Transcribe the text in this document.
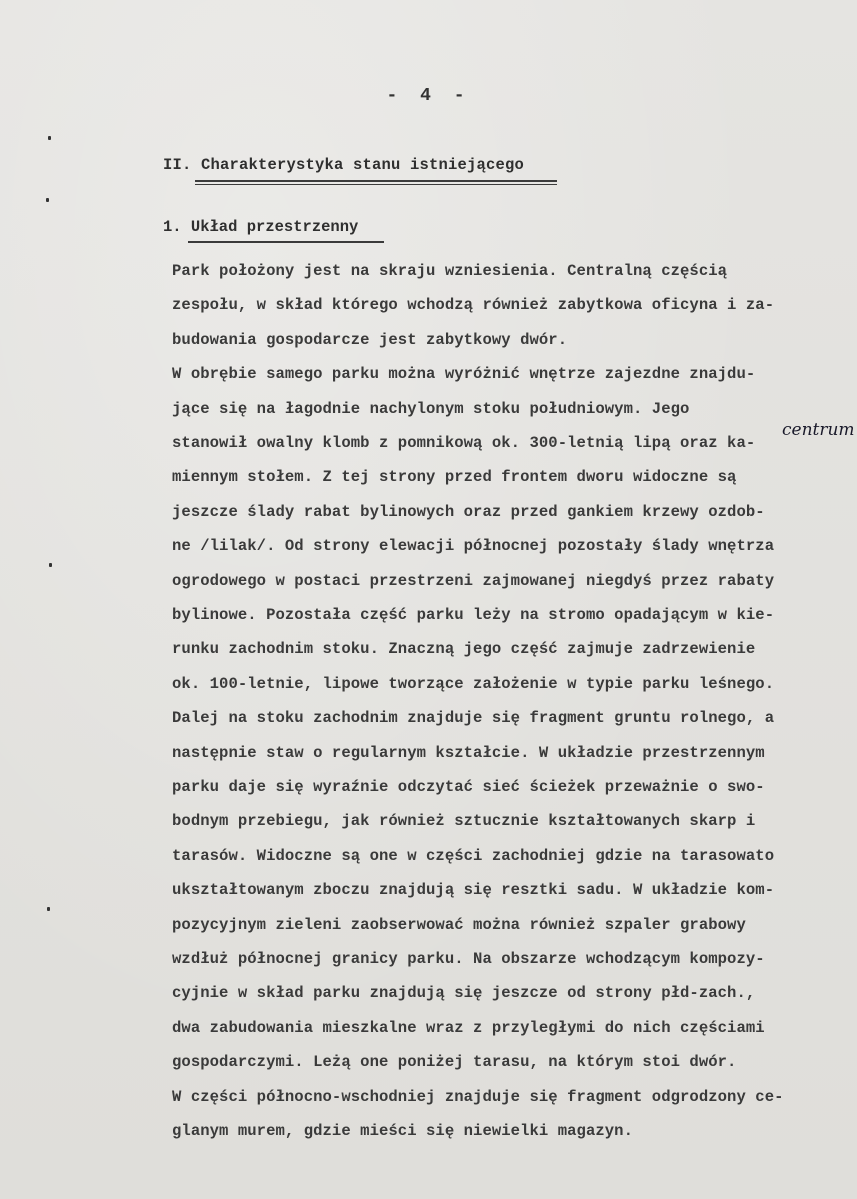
- 4 -
II. Charakterystyka stanu istniejącego
1. Układ przestrzenny
Park położony jest na skraju wzniesienia. Centralną częścią
zespołu, w skład którego wchodzą również zabytkowa oficyna i za-
budowania gospodarcze jest zabytkowy dwór.
W obrębie samego parku można wyróżnić wnętrze zajezdne znajdu-
jące się na łagodnie nachylonym stoku południowym. Jego
stanowił owalny klomb z pomnikową ok. 300-letnią lipą oraz ka-
miennym stołem. Z tej strony przed frontem dworu widoczne są
jeszcze ślady rabat bylinowych oraz przed gankiem krzewy ozdob-
ne /lilak/. Od strony elewacji północnej pozostały ślady wnętrza
ogrodowego w postaci przestrzeni zajmowanej niegdyś przez rabaty
bylinowe. Pozostała część parku leży na stromo opadającym w kie-
runku zachodnim stoku. Znaczną jego część zajmuje zadrzewienie
ok. 100-letnie, lipowe tworzące założenie w typie parku leśnego.
Dalej na stoku zachodnim znajduje się fragment gruntu rolnego, a
następnie staw o regularnym kształcie. W układzie przestrzennym
parku daje się wyraźnie odczytać sieć ścieżek przeważnie o swo-
bodnym przebiegu, jak również sztucznie kształtowanych skarp i
tarasów. Widoczne są one w części zachodniej gdzie na tarasowato
ukształtowanym zboczu znajdują się resztki sadu. W układzie kom-
pozycyjnym zieleni zaobserwować można również szpaler grabowy
wzdłuż północnej granicy parku. Na obszarze wchodzącym kompozy-
cyjnie w skład parku znajdują się jeszcze od strony płd-zach.,
dwa zabudowania mieszkalne wraz z przyległymi do nich częściami
gospodarczymi. Leżą one poniżej tarasu, na którym stoi dwór.
W części północno-wschodniej znajduje się fragment odgrodzony ce-
glanym murem, gdzie mieści się niewielki magazyn.
centrum
